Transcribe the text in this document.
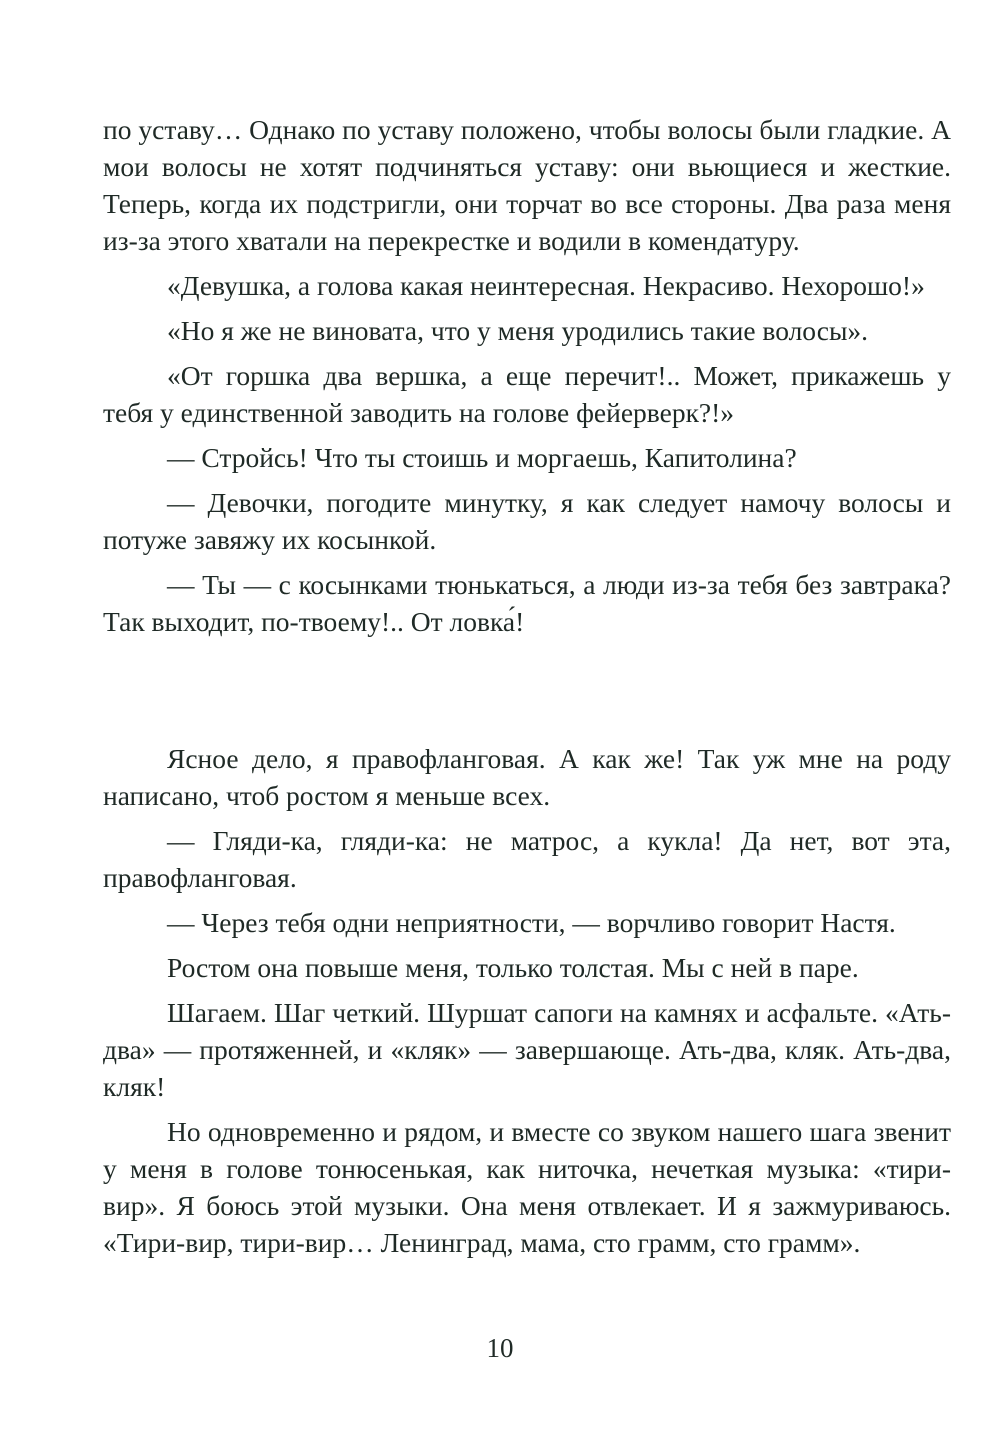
по уставу… Однако по уставу положено, чтобы волосы были гладкие. А мои волосы не хотят подчиняться уставу: они вьющиеся и жесткие. Теперь, когда их подстригли, они торчат во все стороны. Два раза меня из-за этого хватали на перекрестке и водили в комендатуру.

«Девушка, а голова какая неинтересная. Некрасиво. Нехорошо!»

«Но я же не виновата, что у меня уродились такие волосы».

«От горшка два вершка, а еще перечит!.. Может, прикажешь у тебя у единственной заводить на голове фейерверк?!»

— Стройсь! Что ты стоишь и моргаешь, Капитолина?

— Девочки, погодите минутку, я как следует намочу волосы и потуже завяжу их косынкой.

— Ты — с косынками тюнькаться, а люди из-за тебя без завтрака? Так выходит, по-твоему!.. От ловка́!

Ясное дело, я правофланговая. А как же! Так уж мне на роду написано, чтоб ростом я меньше всех.

— Гляди-ка, гляди-ка: не матрос, а кукла! Да нет, вот эта, правофланговая.

— Через тебя одни неприятности, — ворчливо говорит Настя.

Ростом она повыше меня, только толстая. Мы с ней в паре.

Шагаем. Шаг четкий. Шуршат сапоги на камнях и асфальте. «Ать-два» — протяженней, и «кляк» — завершающе. Ать-два, кляк. Ать-два, кляк!

Но одновременно и рядом, и вместе со звуком нашего шага звенит у меня в голове тонюсенькая, как ниточка, нечеткая музыка: «тири-вир». Я боюсь этой музыки. Она меня отвлекает. И я зажмуриваюсь. «Тири-вир, тири-вир… Ленинград, мама, сто грамм, сто грамм».

10
